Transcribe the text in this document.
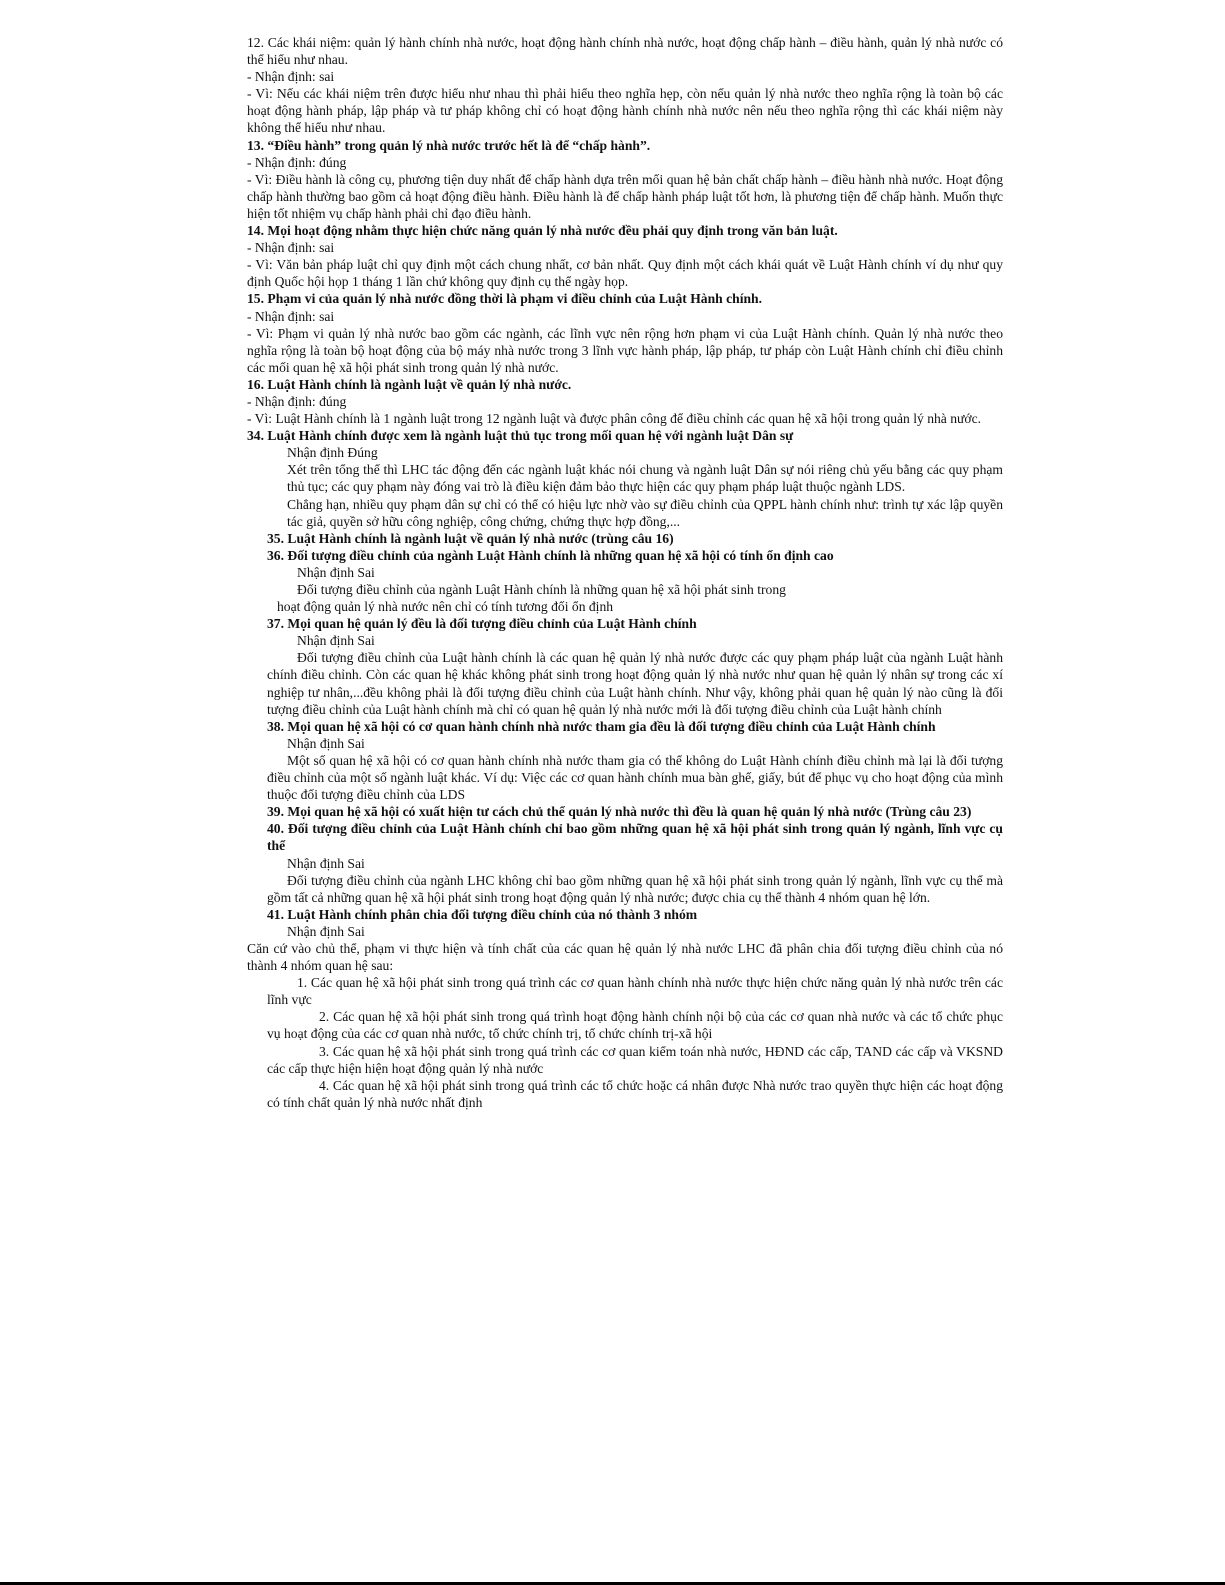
12. Các khái niệm: quản lý hành chính nhà nước, hoạt động hành chính nhà nước, hoạt động chấp hành – điều hành, quản lý nhà nước có thể hiểu như nhau.

- Nhận định: sai

- Vì: Nếu các khái niệm trên được hiểu như nhau thì phải hiểu theo nghĩa hẹp, còn nếu quản lý nhà nước theo nghĩa rộng là toàn bộ các hoạt động hành pháp, lập pháp và tư pháp không chỉ có hoạt động hành chính nhà nước nên nếu theo nghĩa rộng thì các khái niệm này không thể hiểu như nhau.

13. “Điều hành” trong quản lý nhà nước trước hết là để “chấp hành”.

- Nhận định: đúng

- Vì: Điều hành là công cụ, phương tiện duy nhất để chấp hành dựa trên mối quan hệ bản chất chấp hành – điều hành nhà nước. Hoạt động chấp hành thường bao gồm cả hoạt động điều hành. Điều hành là để chấp hành pháp luật tốt hơn, là phương tiện để chấp hành. Muốn thực hiện tốt nhiệm vụ chấp hành phải chỉ đạo điều hành.

14. Mọi hoạt động nhằm thực hiện chức năng quản lý nhà nước đều phải quy định trong văn bản luật.

- Nhận định: sai

- Vì: Văn bản pháp luật chỉ quy định một cách chung nhất, cơ bản nhất. Quy định một cách khái quát về Luật Hành chính ví dụ như quy định Quốc hội họp 1 tháng 1 lần chứ không quy định cụ thể ngày họp.

15. Phạm vi của quản lý nhà nước đồng thời là phạm vi điều chỉnh của Luật Hành chính.

- Nhận định: sai

- Vì: Phạm vi quản lý nhà nước bao gồm các ngành, các lĩnh vực nên rộng hơn phạm vi của Luật Hành chính. Quản lý nhà nước theo nghĩa rộng là toàn bộ hoạt động của bộ máy nhà nước trong 3 lĩnh vực hành pháp, lập pháp, tư pháp còn Luật Hành chính chỉ điều chỉnh các mối quan hệ xã hội phát sinh trong quản lý nhà nước.

16. Luật Hành chính là ngành luật về quản lý nhà nước.

- Nhận định: đúng

- Vì: Luật Hành chính là 1 ngành luật trong 12 ngành luật và được phân công để điều chỉnh các quan hệ xã hội trong quản lý nhà nước.

34. Luật Hành chính được xem là ngành luật thủ tục trong mối quan hệ với ngành luật Dân sự

Nhận định Đúng

Xét trên tổng thể thì LHC tác động đến các ngành luật khác nói chung và ngành luật Dân sự nói riêng chủ yếu bằng các quy phạm thủ tục; các quy phạm này đóng vai trò là điều kiện đảm bảo thực hiện các quy phạm pháp luật thuộc ngành LDS.

Chẳng hạn, nhiều quy phạm dân sự chỉ có thể có hiệu lực nhờ vào sự điều chỉnh của QPPL hành chính như: trình tự xác lập quyền tác giả, quyền sở hữu công nghiệp, công chứng, chứng thực hợp đồng,...

35. Luật Hành chính là ngành luật về quản lý nhà nước (trùng câu 16)

36. Đối tượng điều chỉnh của ngành Luật Hành chính là những quan hệ xã hội có tính ổn định cao

Nhận định Sai

Đối tượng điều chỉnh của ngành Luật Hành chính là những quan hệ xã hội phát sinh trong

hoạt động quản lý nhà nước nên chỉ có tính tương đối ổn định

37. Mọi quan hệ quản lý đều là đối tượng điều chỉnh của Luật Hành chính

Nhận định Sai

Đối tượng điều chỉnh của Luật hành chính là các quan hệ quản lý nhà nước được các quy phạm pháp luật của ngành Luật hành chính điều chỉnh. Còn các quan hệ khác không phát sinh trong hoạt động quản lý nhà nước như quan hệ quản lý nhân sự trong các xí nghiệp tư nhân,...đều không phải là đối tượng điều chỉnh của Luật hành chính. Như vậy, không phải quan hệ quản lý nào cũng là đối tượng điều chỉnh của Luật hành chính mà chỉ có quan hệ quản lý nhà nước mới là đối tượng điều chỉnh của Luật hành chính

38. Mọi quan hệ xã hội có cơ quan hành chính nhà nước tham gia đều là đối tượng điều chỉnh của Luật Hành chính

Nhận định Sai

Một số quan hệ xã hội có cơ quan hành chính nhà nước tham gia có thể không do Luật Hành chính điều chỉnh mà lại là đối tượng điều chỉnh của một số ngành luật khác. Ví dụ: Việc các cơ quan hành chính mua bàn ghế, giấy, bút để phục vụ cho hoạt động của mình thuộc đối tượng điều chỉnh của LDS

39. Mọi quan hệ xã hội có xuất hiện tư cách chủ thể quản lý nhà nước thì đều là quan hệ quản lý nhà nước (Trùng câu 23)

40. Đối tượng điều chỉnh của Luật Hành chính chỉ bao gồm những quan hệ xã hội phát sinh trong quản lý ngành, lĩnh vực cụ thể

Nhận định Sai

Đối tượng điều chỉnh của ngành LHC không chỉ bao gồm những quan hệ xã hội phát sinh trong quản lý ngành, lĩnh vực cụ thể mà gồm tất cả những quan hệ xã hội phát sinh trong hoạt động quản lý nhà nước; được chia cụ thể thành 4 nhóm quan hệ lớn.

41. Luật Hành chính phân chia đối tượng điều chỉnh của nó thành 3 nhóm

Nhận định Sai

Căn cứ vào chủ thể, phạm vi thực hiện và tính chất của các quan hệ quản lý nhà nước LHC đã phân chia đối tượng điều chỉnh của nó thành 4 nhóm quan hệ sau:

1. Các quan hệ xã hội phát sinh trong quá trình các cơ quan hành chính nhà nước thực hiện chức năng quản lý nhà nước trên các lĩnh vực

2. Các quan hệ xã hội phát sinh trong quá trình hoạt động hành chính nội bộ của các cơ quan nhà nước và các tổ chức phục vụ hoạt động của các cơ quan nhà nước, tổ chức chính trị, tổ chức chính trị-xã hội

3. Các quan hệ xã hội phát sinh trong quá trình các cơ quan kiểm toán nhà nước, HĐND các cấp, TAND các cấp và VKSND các cấp thực hiện hiện hoạt động quản lý nhà nước

4. Các quan hệ xã hội phát sinh trong quá trình các tổ chức hoặc cá nhân được Nhà nước trao quyền thực hiện các hoạt động có tính chất quản lý nhà nước nhất định
